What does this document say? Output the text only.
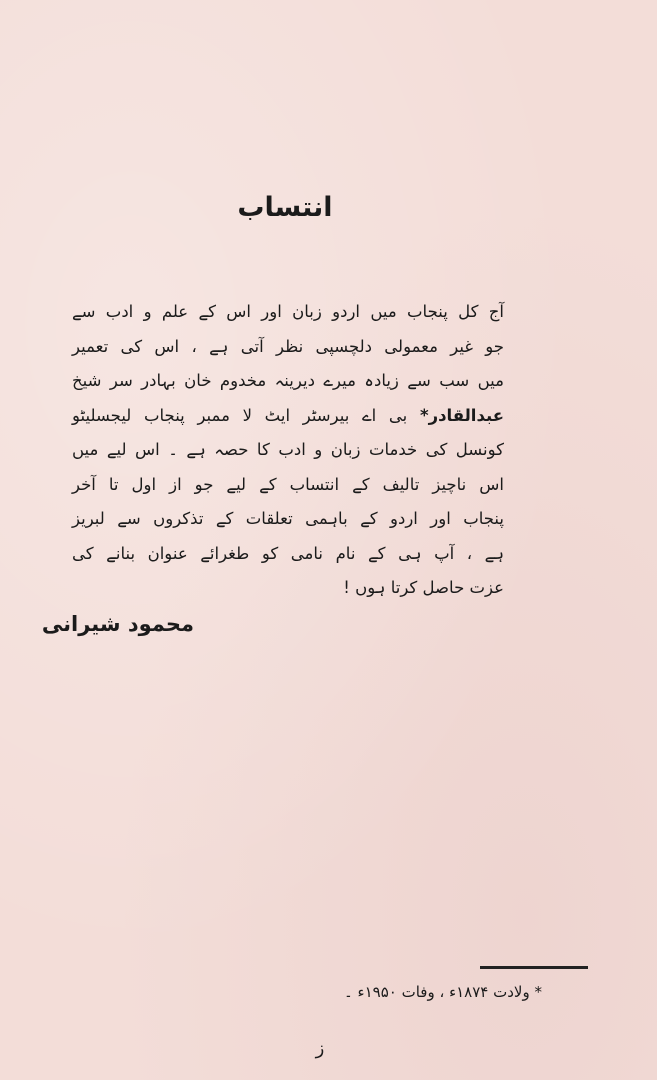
انتساب
آج کل پنجاب میں اردو زبان اور اس کے علم و ادب سے
جو غیر معمولی دلچسپی نظر آتی ہے ، اس کی تعمیر
میں سب سے زیادہ میرے دیرینہ مخدوم خان بہادر سر شیخ
عبدالقادر* بی اے بیرسٹر ایٹ لا ممبر پنجاب لیجسلیٹو
کونسل کی خدمات زبان و ادب کا حصہ ہے ۔ اس لیے میں
اس ناچیز تالیف کے انتساب کے لیے جو از اول تا آخر
پنجاب اور اردو کے باہمی تعلقات کے تذکروں سے لبریز
ہے ، آپ ہی کے نام نامی کو طغرائے عنوان بنانے کی
عزت حاصل کرتا ہوں !
محمود شیرانی
* ولادت ۱۸۷۴ء ، وفات ۱۹۵۰ء ۔
ز
